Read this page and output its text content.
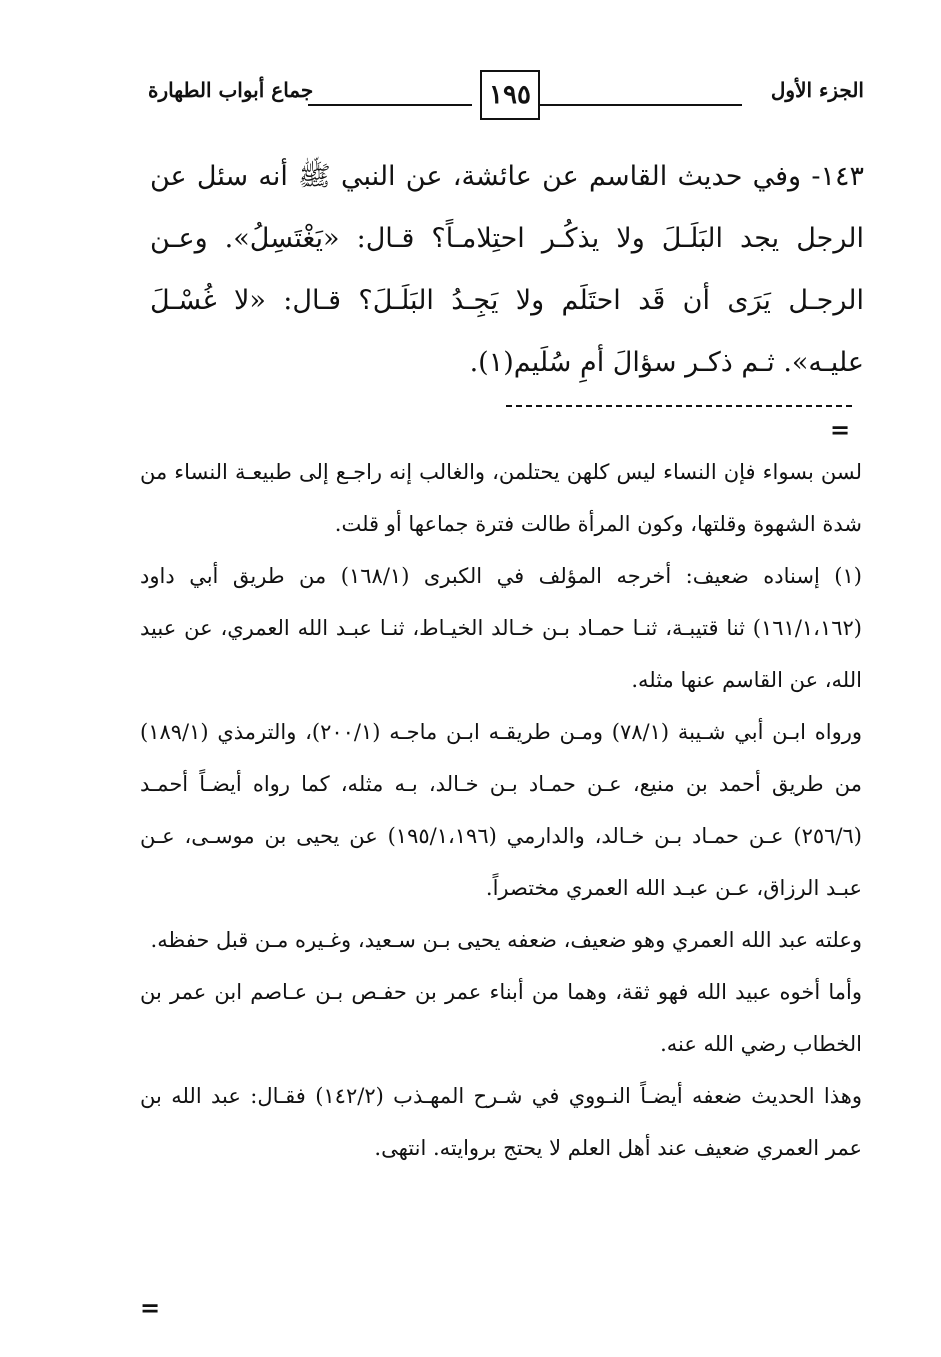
الجزء الأول
١٩٥
جماع أبواب الطهارة

١٤٣- وفي حديث القاسم عن عائشة، عن النبي ﷺ أنه سئل عن الرجل يجد البَلَـلَ ولا يذكُـر احتِلامـاً؟ قـال: «يَغْتَسِلُ». وعـن الرجـل يَرَى أن قَد احتَلَم ولا يَجِـدُ البَلَـلَ؟ قـال: «لا غُسْـلَ عليـه». ثـم ذكـر سؤالَ أمِ سُلَيم(١).

=

لسن بسواء فإن النساء ليس كلهن يحتلمن، والغالب إنه راجـع إلى طبيعـة النساء من شدة الشهوة وقلتها، وكون المرأة طالت فترة جماعها أو قلت.

(١) إسناده ضعيف: أخرجه المؤلف في الكبرى (١٦٨/١) من طريق أبي داود (١٦١/١،١٦٢) ثنا قتيبـة، ثنـا حمـاد بـن خـالد الخيـاط، ثنـا عبـد الله العمري، عن عبيد الله، عن القاسم عنها مثله.

ورواه ابـن أبي شـيبة (٧٨/١) ومـن طريقـه ابـن ماجـه (٢٠٠/١)، والترمذي (١٨٩/١) من طريق أحمد بن منيع، عـن حمـاد بـن خـالد، بـه مثله، كما رواه أيضـاً أحمـد (٢٥٦/٦) عـن حمـاد بـن خـالد، والدارمي (١٩٥/١،١٩٦) عن يحيى بن موسـى، عـن عبـد الرزاق، عـن عبـد الله العمري مختصراً.

وعلته عبد الله العمري وهو ضعيف، ضعفه يحيى بـن سـعيد، وغـيره مـن قبل حفظه.

وأما أخوه عبيد الله فهو ثقة، وهما من أبناء عمر بن حفـص بـن عـاصم ابن عمر بن الخطاب رضي الله عنه.

وهذا الحديث ضعفه أيضـاً النـووي في شـرح المهـذب (١٤٢/٢) فقـال: عبد الله بن عمر العمري ضعيف عند أهل العلم لا يحتج بروايته. انتهى.

=
